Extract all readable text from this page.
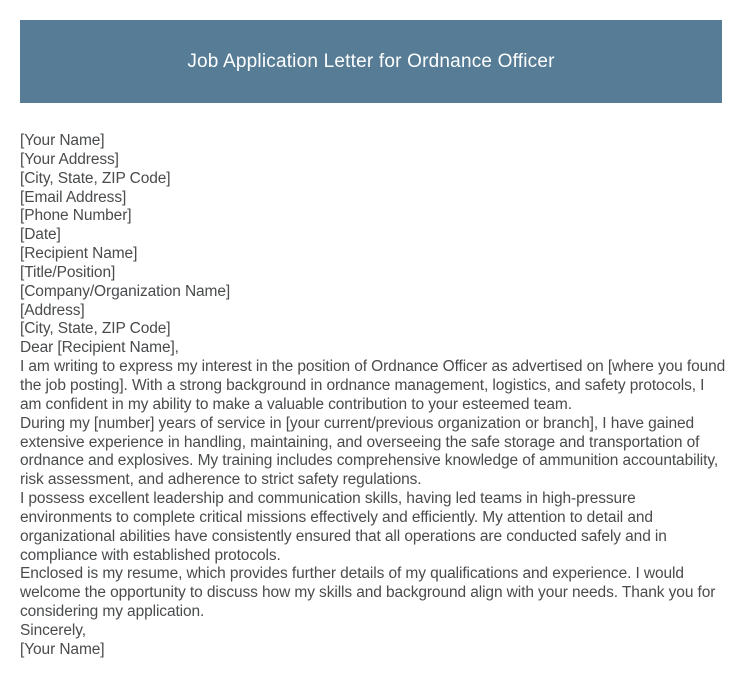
Job Application Letter for Ordnance Officer
[Your Name]
[Your Address]
[City, State, ZIP Code]
[Email Address]
[Phone Number]
[Date]
[Recipient Name]
[Title/Position]
[Company/Organization Name]
[Address]
[City, State, ZIP Code]
Dear [Recipient Name],

I am writing to express my interest in the position of Ordnance Officer as advertised on [where you found the job posting]. With a strong background in ordnance management, logistics, and safety protocols, I am confident in my ability to make a valuable contribution to your esteemed team.

During my [number] years of service in [your current/previous organization or branch], I have gained extensive experience in handling, maintaining, and overseeing the safe storage and transportation of ordnance and explosives. My training includes comprehensive knowledge of ammunition accountability, risk assessment, and adherence to strict safety regulations.

I possess excellent leadership and communication skills, having led teams in high-pressure environments to complete critical missions effectively and efficiently. My attention to detail and organizational abilities have consistently ensured that all operations are conducted safely and in compliance with established protocols.

Enclosed is my resume, which provides further details of my qualifications and experience. I would welcome the opportunity to discuss how my skills and background align with your needs. Thank you for considering my application.

Sincerely,
[Your Name]
